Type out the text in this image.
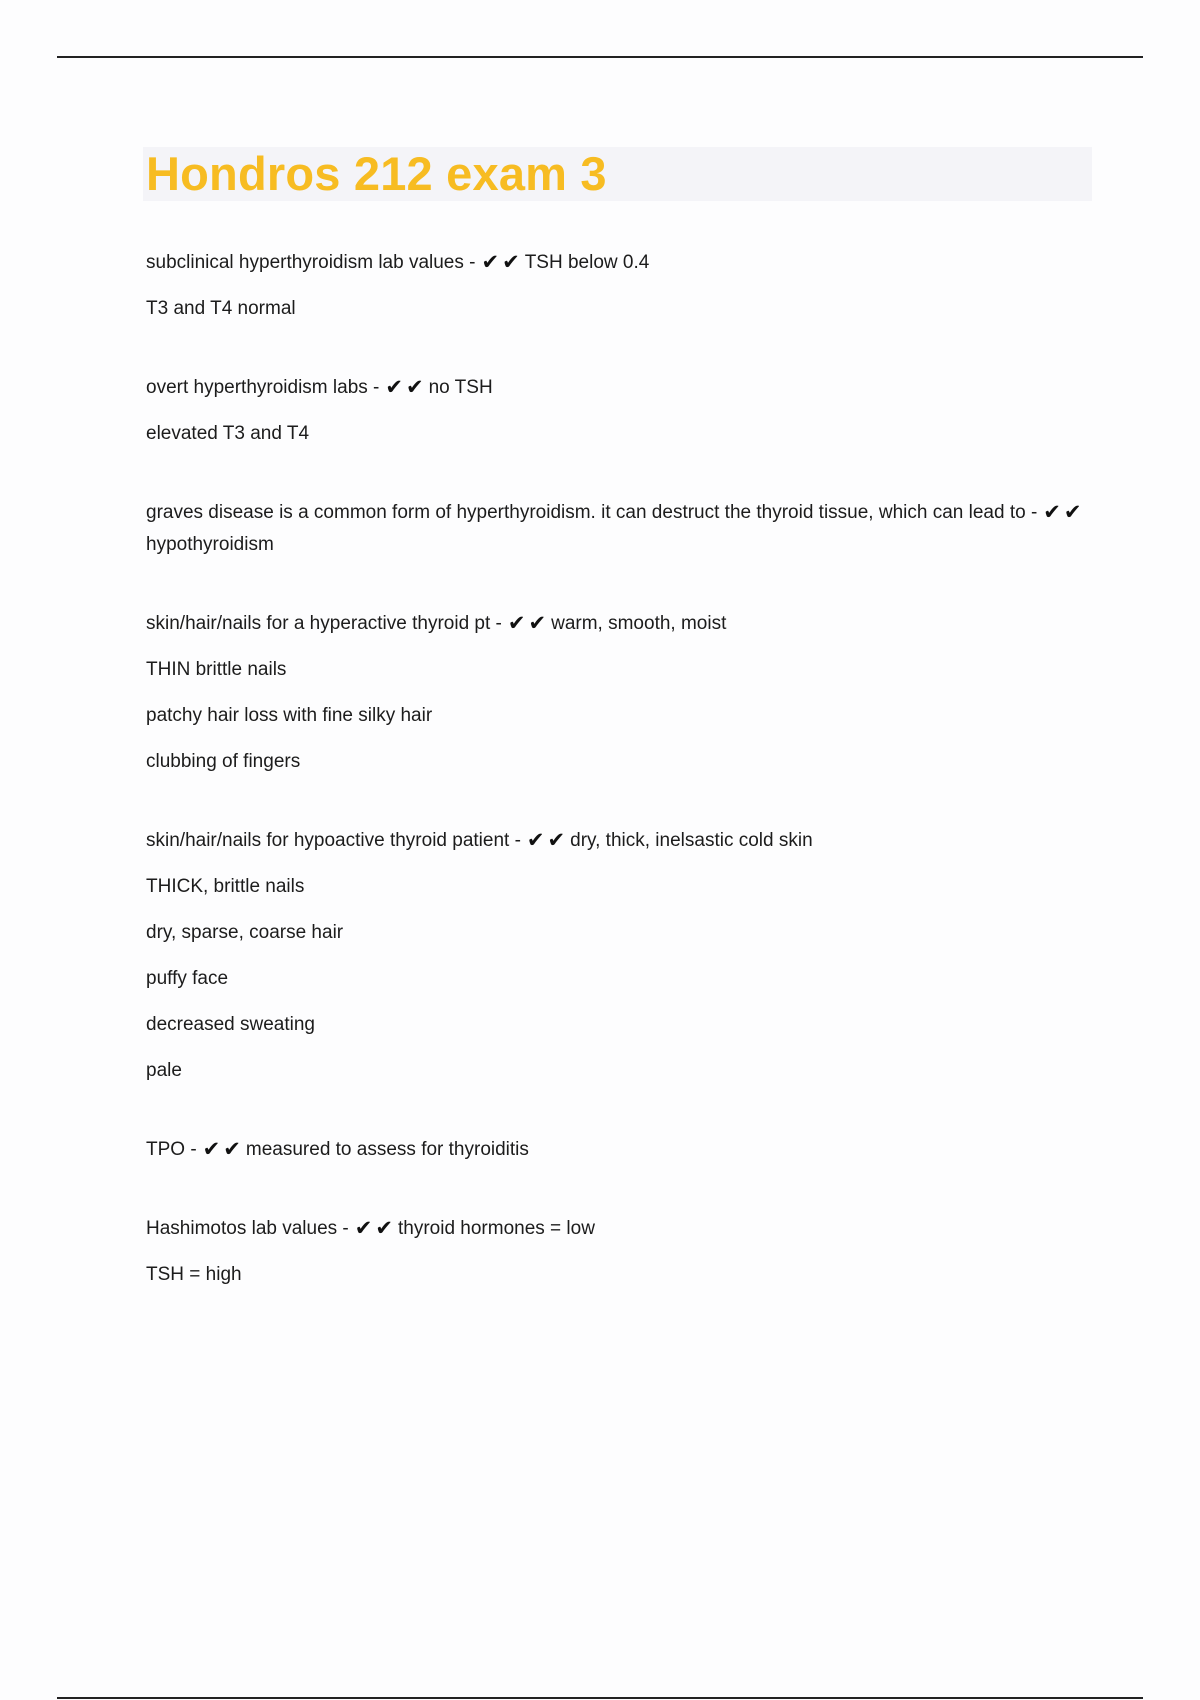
Hondros 212 exam 3
subclinical hyperthyroidism lab values - ✔ ✔ TSH below 0.4
T3 and T4 normal
overt hyperthyroidism labs - ✔ ✔ no TSH
elevated T3 and T4
graves disease is a common form of hyperthyroidism. it can destruct the thyroid tissue, which can lead to - ✔ ✔hypothyroidism
skin/hair/nails for a hyperactive thyroid pt - ✔ ✔ warm, smooth, moist
THIN brittle nails
patchy hair loss with fine silky hair
clubbing of fingers
skin/hair/nails for hypoactive thyroid patient - ✔ ✔ dry, thick, inelsastic cold skin
THICK, brittle nails
dry, sparse, coarse hair
puffy face
decreased sweating
pale
TPO - ✔ ✔ measured to assess for thyroiditis
Hashimotos lab values - ✔ ✔ thyroid hormones = low
TSH = high
